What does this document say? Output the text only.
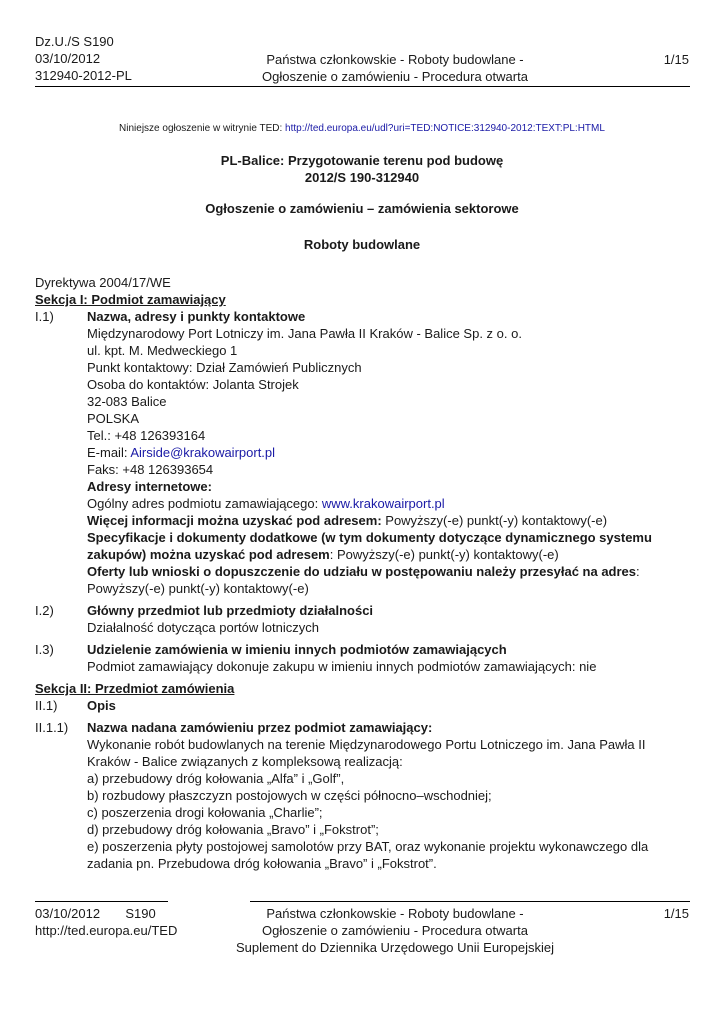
Dz.U./S S190
03/10/2012
312940-2012-PL
Państwa członkowskie - Roboty budowlane -
Ogłoszenie o zamówieniu - Procedura otwarta
1/15
Niniejsze ogłoszenie w witrynie TED: http://ted.europa.eu/udl?uri=TED:NOTICE:312940-2012:TEXT:PL:HTML
PL-Balice: Przygotowanie terenu pod budowę
2012/S 190-312940
Ogłoszenie o zamówieniu – zamówienia sektorowe
Roboty budowlane
Dyrektywa 2004/17/WE
Sekcja I: Podmiot zamawiający
I.1)	Nazwa, adresy i punkty kontaktowe
Międzynarodowy Port Lotniczy im. Jana Pawła II Kraków - Balice Sp. z o. o.
ul. kpt. M. Medweckiego 1
Punkt kontaktowy: Dział Zamówień Publicznych
Osoba do kontaktów: Jolanta Strojek
32-083 Balice
POLSKA
Tel.: +48 126393164
E-mail: Airside@krakowairport.pl
Faks: +48 126393654
Adresy internetowe:
Ogólny adres podmiotu zamawiającego: www.krakowairport.pl
Więcej informacji można uzyskać pod adresem: Powyższy(-e) punkt(-y) kontaktowy(-e)
Specyfikacje i dokumenty dodatkowe (w tym dokumenty dotyczące dynamicznego systemu zakupów) można uzyskać pod adresem: Powyższy(-e) punkt(-y) kontaktowy(-e)
Oferty lub wnioski o dopuszczenie do udziału w postępowaniu należy przesyłać na adres: Powyższy(-e) punkt(-y) kontaktowy(-e)
I.2)	Główny przedmiot lub przedmioty działalności
Działalność dotycząca portów lotniczych
I.3)	Udzielenie zamówienia w imieniu innych podmiotów zamawiających
Podmiot zamawiający dokonuje zakupu w imieniu innych podmiotów zamawiających: nie
Sekcja II: Przedmiot zamówienia
II.1)	Opis
II.1.1)	Nazwa nadana zamówieniu przez podmiot zamawiający:
Wykonanie robót budowlanych na terenie Międzynarodowego Portu Lotniczego im. Jana Pawła II Kraków - Balice związanych z kompleksową realizacją:
a) przebudowy dróg kołowania „Alfa” i „Golf”,
b) rozbudowy płaszczyzn postojowych w części północno–wschodniej;
c) poszerzenia drogi kołowania „Charlie”;
d) przebudowy dróg kołowania „Bravo” i „Fokstrot”;
e) poszerzenia płyty postojowej samolotów przy BAT, oraz wykonanie projektu wykonawczego dla zadania pn. Przebudowa dróg kołowania „Bravo” i „Fokstrot”.
03/10/2012 S190
http://ted.europa.eu/TED
Państwa członkowskie - Roboty budowlane -
Ogłoszenie o zamówieniu - Procedura otwarta
Suplement do Dziennika Urzędowego Unii Europejskiej
1/15
